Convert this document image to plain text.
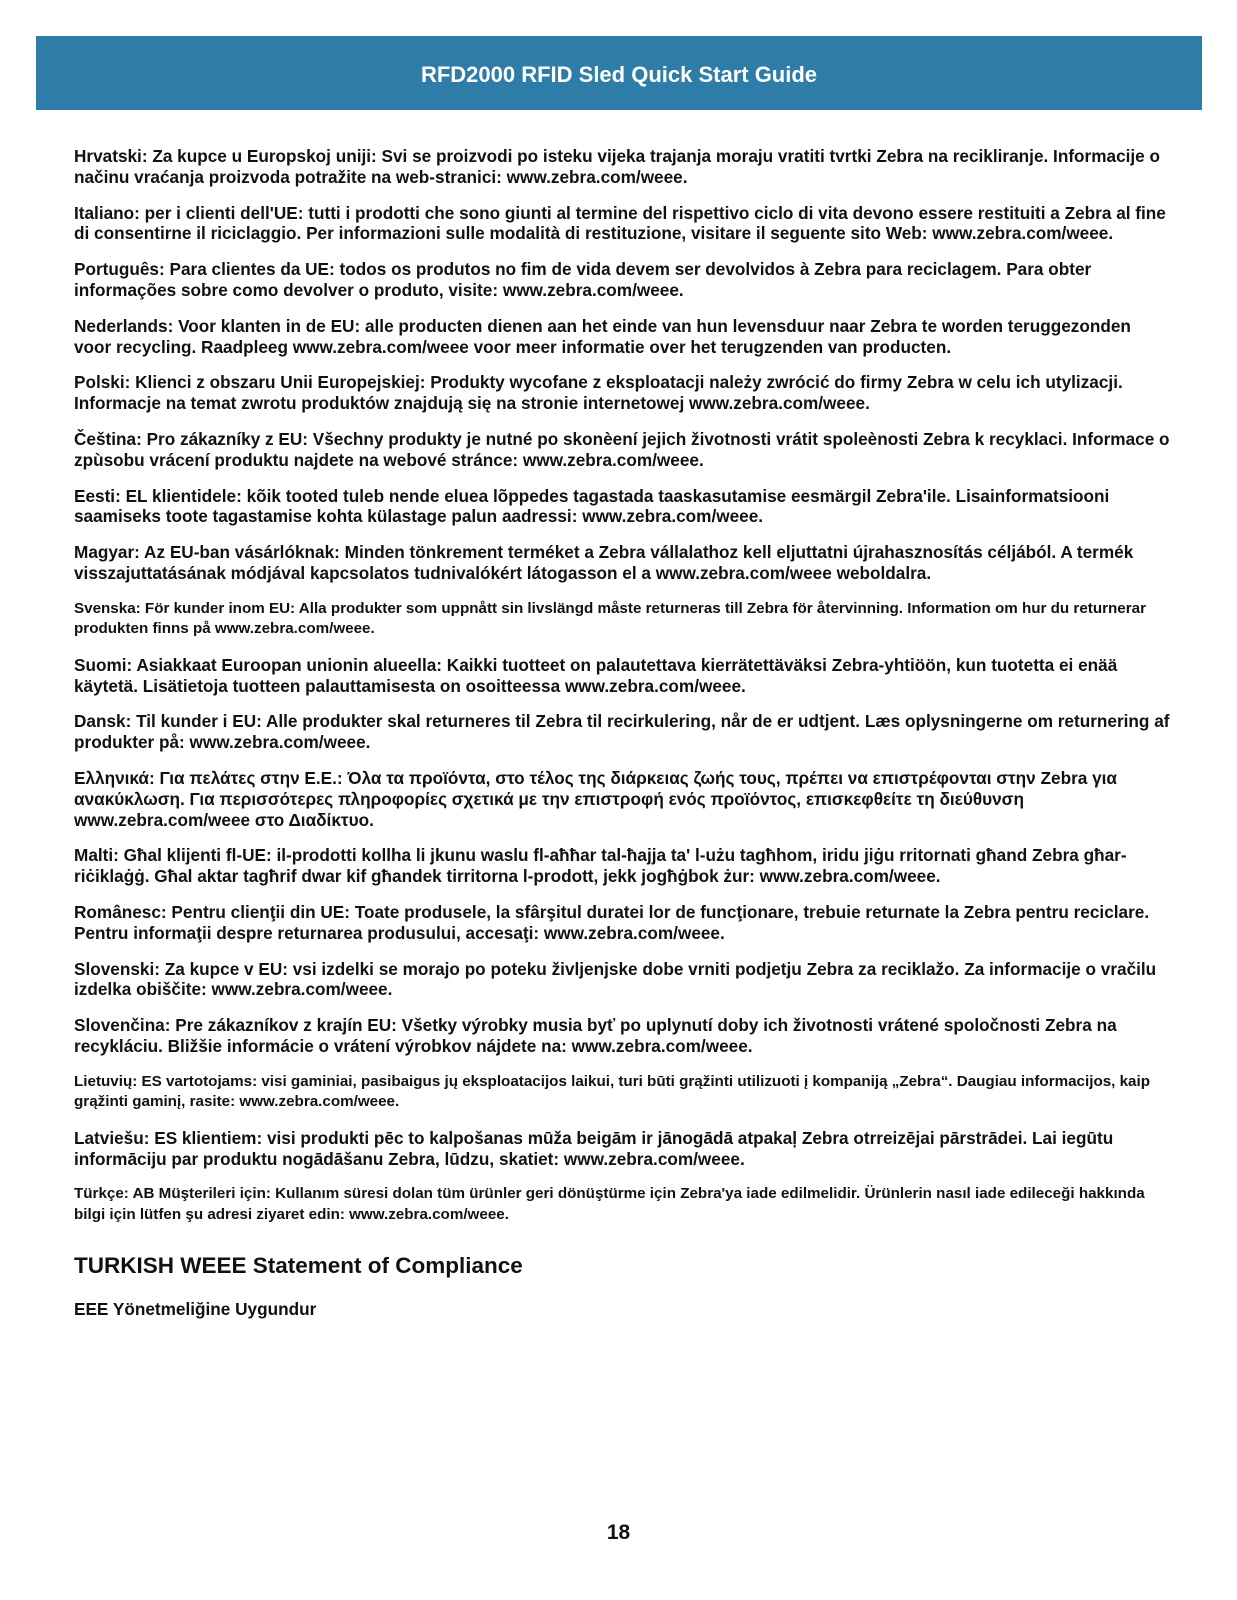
RFD2000 RFID Sled Quick Start Guide

Hrvatski: Za kupce u Europskoj uniji: Svi se proizvodi po isteku vijeka trajanja moraju vratiti tvrtki Zebra na recikliranje. Informacije o načinu vraćanja proizvoda potražite na web-stranici: www.zebra.com/weee.

Italiano: per i clienti dell'UE: tutti i prodotti che sono giunti al termine del rispettivo ciclo di vita devono essere restituiti a Zebra al fine di consentirne il riciclaggio. Per informazioni sulle modalità di restituzione, visitare il seguente sito Web: www.zebra.com/weee.

Português: Para clientes da UE: todos os produtos no fim de vida devem ser devolvidos à Zebra para reciclagem. Para obter informações sobre como devolver o produto, visite: www.zebra.com/weee.

Nederlands: Voor klanten in de EU: alle producten dienen aan het einde van hun levensduur naar Zebra te worden teruggezonden voor recycling. Raadpleeg www.zebra.com/weee voor meer informatie over het terugzenden van producten.

Polski: Klienci z obszaru Unii Europejskiej: Produkty wycofane z eksploatacji należy zwrócić do firmy Zebra w celu ich utylizacji. Informacje na temat zwrotu produktów znajdują się na stronie internetowej www.zebra.com/weee.

Čeština: Pro zákazníky z EU: Všechny produkty je nutné po skonèení jejich životnosti vrátit spoleènosti Zebra k recyklaci. Informace o zpùsobu vrácení produktu najdete na webové stránce: www.zebra.com/weee.

Eesti: EL klientidele: kõik tooted tuleb nende eluea lõppedes tagastada taaskasutamise eesmärgil Zebra'ile. Lisainformatsiooni saamiseks toote tagastamise kohta külastage palun aadressi: www.zebra.com/weee.

Magyar: Az EU-ban vásárlóknak: Minden tönkrement terméket a Zebra vállalathoz kell eljuttatni újrahasznosítás céljából. A termék visszajuttatásának módjával kapcsolatos tudnivalókért látogasson el a www.zebra.com/weee weboldalra.

Svenska: För kunder inom EU: Alla produkter som uppnått sin livslängd måste returneras till Zebra för återvinning. Information om hur du returnerar produkten finns på www.zebra.com/weee.

Suomi: Asiakkaat Euroopan unionin alueella: Kaikki tuotteet on palautettava kierrätettäväksi Zebra-yhtiöön, kun tuotetta ei enää käytetä. Lisätietoja tuotteen palauttamisesta on osoitteessa www.zebra.com/weee.

Dansk: Til kunder i EU: Alle produkter skal returneres til Zebra til recirkulering, når de er udtjent. Læs oplysningerne om returnering af produkter på: www.zebra.com/weee.

Ελληνικά: Για πελάτες στην Ε.Ε.: Όλα τα προϊόντα, στο τέλος της διάρκειας ζωής τους, πρέπει να επιστρέφονται στην Zebra για ανακύκλωση. Για περισσότερες πληροφορίες σχετικά με την επιστροφή ενός προϊόντος, επισκεφθείτε τη διεύθυνση www.zebra.com/weee στο Διαδίκτυο.

Malti: Għal klijenti fl-UE: il-prodotti kollha li jkunu waslu fl-aħħar tal-ħajja ta' l-użu tagħhom, iridu jiġu rritornati għand Zebra għar-riċiklaġġ. Għal aktar tagħrif dwar kif għandek tirritorna l-prodott, jekk jogħġbok żur: www.zebra.com/weee.

Românesc: Pentru clienţii din UE: Toate produsele, la sfârşitul duratei lor de funcţionare, trebuie returnate la Zebra pentru reciclare. Pentru informaţii despre returnarea produsului, accesaţi: www.zebra.com/weee.

Slovenski: Za kupce v EU: vsi izdelki se morajo po poteku življenjske dobe vrniti podjetju Zebra za reciklažo. Za informacije o vračilu izdelka obiščite: www.zebra.com/weee.

Slovenčina: Pre zákazníkov z krajín EU: Všetky výrobky musia byť po uplynutí doby ich životnosti vrátené spoločnosti Zebra na recykláciu. Bližšie informácie o vrátení výrobkov nájdete na: www.zebra.com/weee.

Lietuvių: ES vartotojams: visi gaminiai, pasibaigus jų eksploatacijos laikui, turi būti grąžinti utilizuoti į kompaniją „Zebra“. Daugiau informacijos, kaip grąžinti gaminį, rasite: www.zebra.com/weee.

Latviešu: ES klientiem: visi produkti pēc to kalpošanas mūža beigām ir jānogādā atpakaļ Zebra otrreizējai pārstrādei. Lai iegūtu informāciju par produktu nogādāšanu Zebra, lūdzu, skatiet: www.zebra.com/weee.

Türkçe: AB Müşterileri için: Kullanım süresi dolan tüm ürünler geri dönüştürme için Zebra'ya iade edilmelidir. Ürünlerin nasıl iade edileceği hakkında bilgi için lütfen şu adresi ziyaret edin: www.zebra.com/weee.

TURKISH WEEE Statement of Compliance

EEE Yönetmeliğine Uygundur

18
